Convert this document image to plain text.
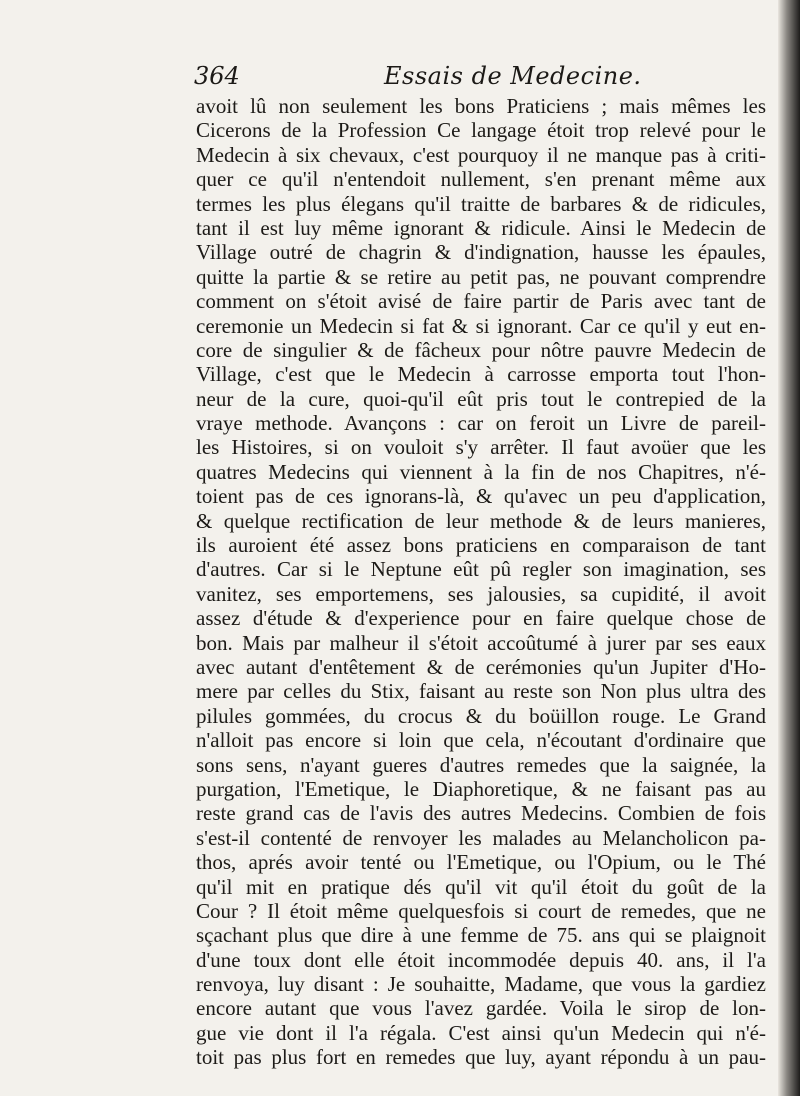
364	Essais de Medecine.
avoit lû non seulement les bons Praticiens ; mais mêmes les
Cicerons de la Profession Ce langage étoit trop relevé pour le
Medecin à six chevaux, c'est pourquoy il ne manque pas à criti-
quer ce qu'il n'entendoit nullement, s'en prenant même aux
termes les plus élegans qu'il traitte de barbares & de ridicules,
tant il est luy même ignorant & ridicule. Ainsi le Medecin de
Village outré de chagrin & d'indignation, hausse les épaules,
quitte la partie & se retire au petit pas, ne pouvant comprendre
comment on s'étoit avisé de faire partir de Paris avec tant de
ceremonie un Medecin si fat & si ignorant. Car ce qu'il y eut en-
core de singulier & de fâcheux pour nôtre pauvre Medecin de
Village, c'est que le Medecin à carrosse emporta tout l'hon-
neur de la cure, quoi-qu'il eût pris tout le contrepied de la
vraye methode. Avançons : car on feroit un Livre de pareil-
les Histoires, si on vouloit s'y arrêter. Il faut avoüer que les
quatres Medecins qui viennent à la fin de nos Chapitres, n'é-
toient pas de ces ignorans-là, & qu'avec un peu d'application,
& quelque rectification de leur methode & de leurs manieres,
ils auroient été assez bons praticiens en comparaison de tant
d'autres. Car si le Neptune eût pû regler son imagination, ses
vanitez, ses emportemens, ses jalousies, sa cupidité, il avoit
assez d'étude & d'experience pour en faire quelque chose de
bon. Mais par malheur il s'étoit accoûtumé à jurer par ses eaux
avec autant d'entêtement & de cerémonies qu'un Jupiter d'Ho-
mere par celles du Stix, faisant au reste son Non plus ultra des
pilules gommées, du crocus & du boüillon rouge. Le Grand
n'alloit pas encore si loin que cela, n'écoutant d'ordinaire que
sons sens, n'ayant gueres d'autres remedes que la saignée, la
purgation, l'Emetique, le Diaphoretique, & ne faisant pas au
reste grand cas de l'avis des autres Medecins. Combien de fois
s'est-il contenté de renvoyer les malades au Melancholicon pa-
thos, aprés avoir tenté ou l'Emetique, ou l'Opium, ou le Thé
qu'il mit en pratique dés qu'il vit qu'il étoit du goût de la
Cour ? Il étoit même quelquesfois si court de remedes, que ne
sçachant plus que dire à une femme de 75. ans qui se plaignoit
d'une toux dont elle étoit incommodée depuis 40. ans, il l'a
renvoya, luy disant : Je souhaitte, Madame, que vous la gardiez
encore autant que vous l'avez gardée. Voila le sirop de lon-
gue vie dont il l'a régala. C'est ainsi qu'un Medecin qui n'é-
toit pas plus fort en remedes que luy, ayant répondu à un pau-
